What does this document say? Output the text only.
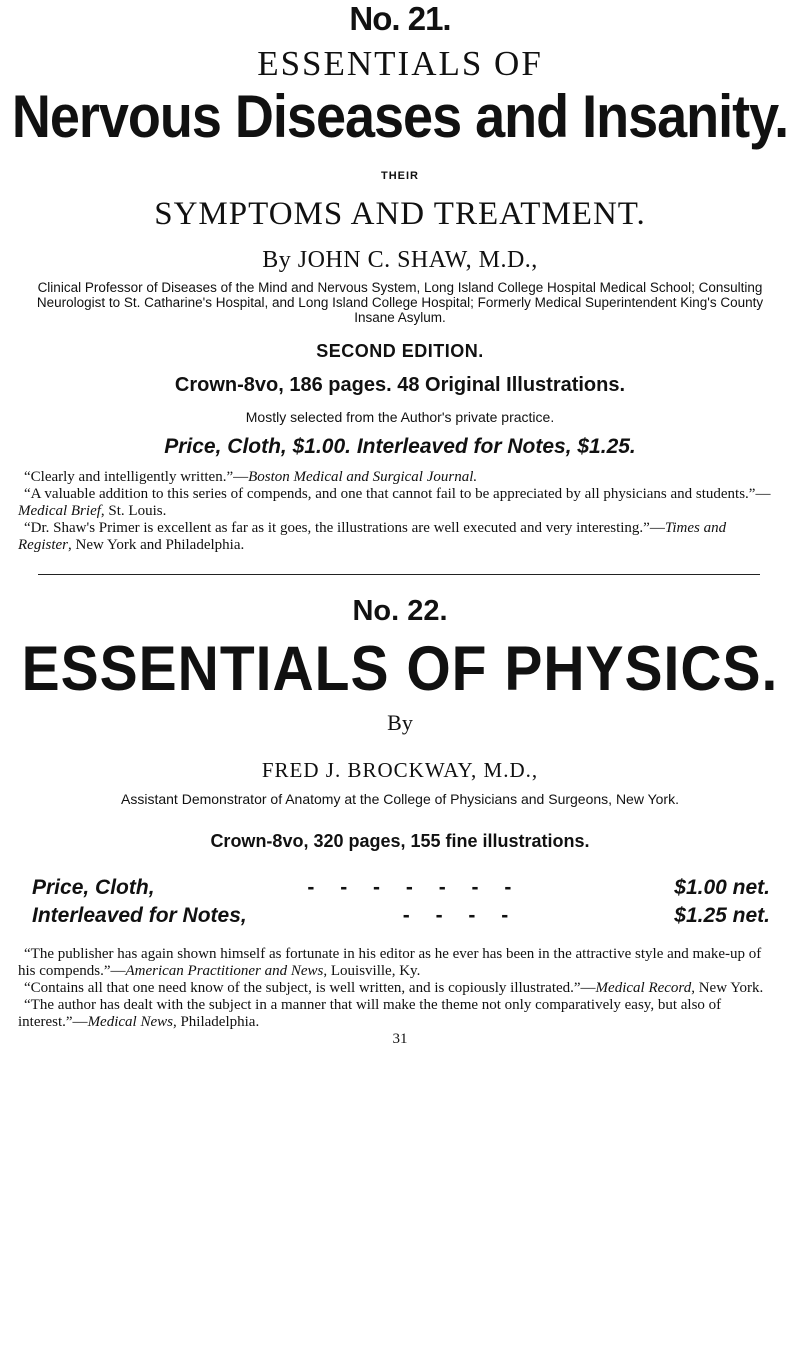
No. 21.
ESSENTIALS OF
Nervous Diseases and Insanity.
THEIR
SYMPTOMS AND TREATMENT.
By JOHN C. SHAW, M.D.,
Clinical Professor of Diseases of the Mind and Nervous System, Long Island College Hospital Medical School; Consulting Neurologist to St. Catharine's Hospital, and Long Island College Hospital; Formerly Medical Superintendent King's County Insane Asylum.
SECOND EDITION.
Crown-8vo, 186 pages. 48 Original Illustrations.
Mostly selected from the Author's private practice.
Price, Cloth, $1.00. Interleaved for Notes, $1.25.

“Clearly and intelligently written.”—Boston Medical and Surgical Journal.

“A valuable addition to this series of compends, and one that cannot fail to be appreciated by all physicians and students.”—Medical Brief, St. Louis.

“Dr. Shaw's Primer is excellent as far as it goes, the illustrations are well executed and very interesting.”—Times and Register, New York and Philadelphia.

No. 22.
ESSENTIALS OF PHYSICS.
By
FRED J. BROCKWAY, M.D.,
Assistant Demonstrator of Anatomy at the College of Physicians and Surgeons, New York.
Crown-8vo, 320 pages, 155 fine illustrations.
Price, Cloth,	- - - - - - -	$1.00 net.
Interleaved for Notes,	- - - -	$1.25 net.

“The publisher has again shown himself as fortunate in his editor as he ever has been in the attractive style and make-up of his compends.”—American Practitioner and News, Louisville, Ky.

“Contains all that one need know of the subject, is well written, and is copiously illustrated.”—Medical Record, New York.

“The author has dealt with the subject in a manner that will make the theme not only comparatively easy, but also of interest.”—Medical News, Philadelphia.

31
